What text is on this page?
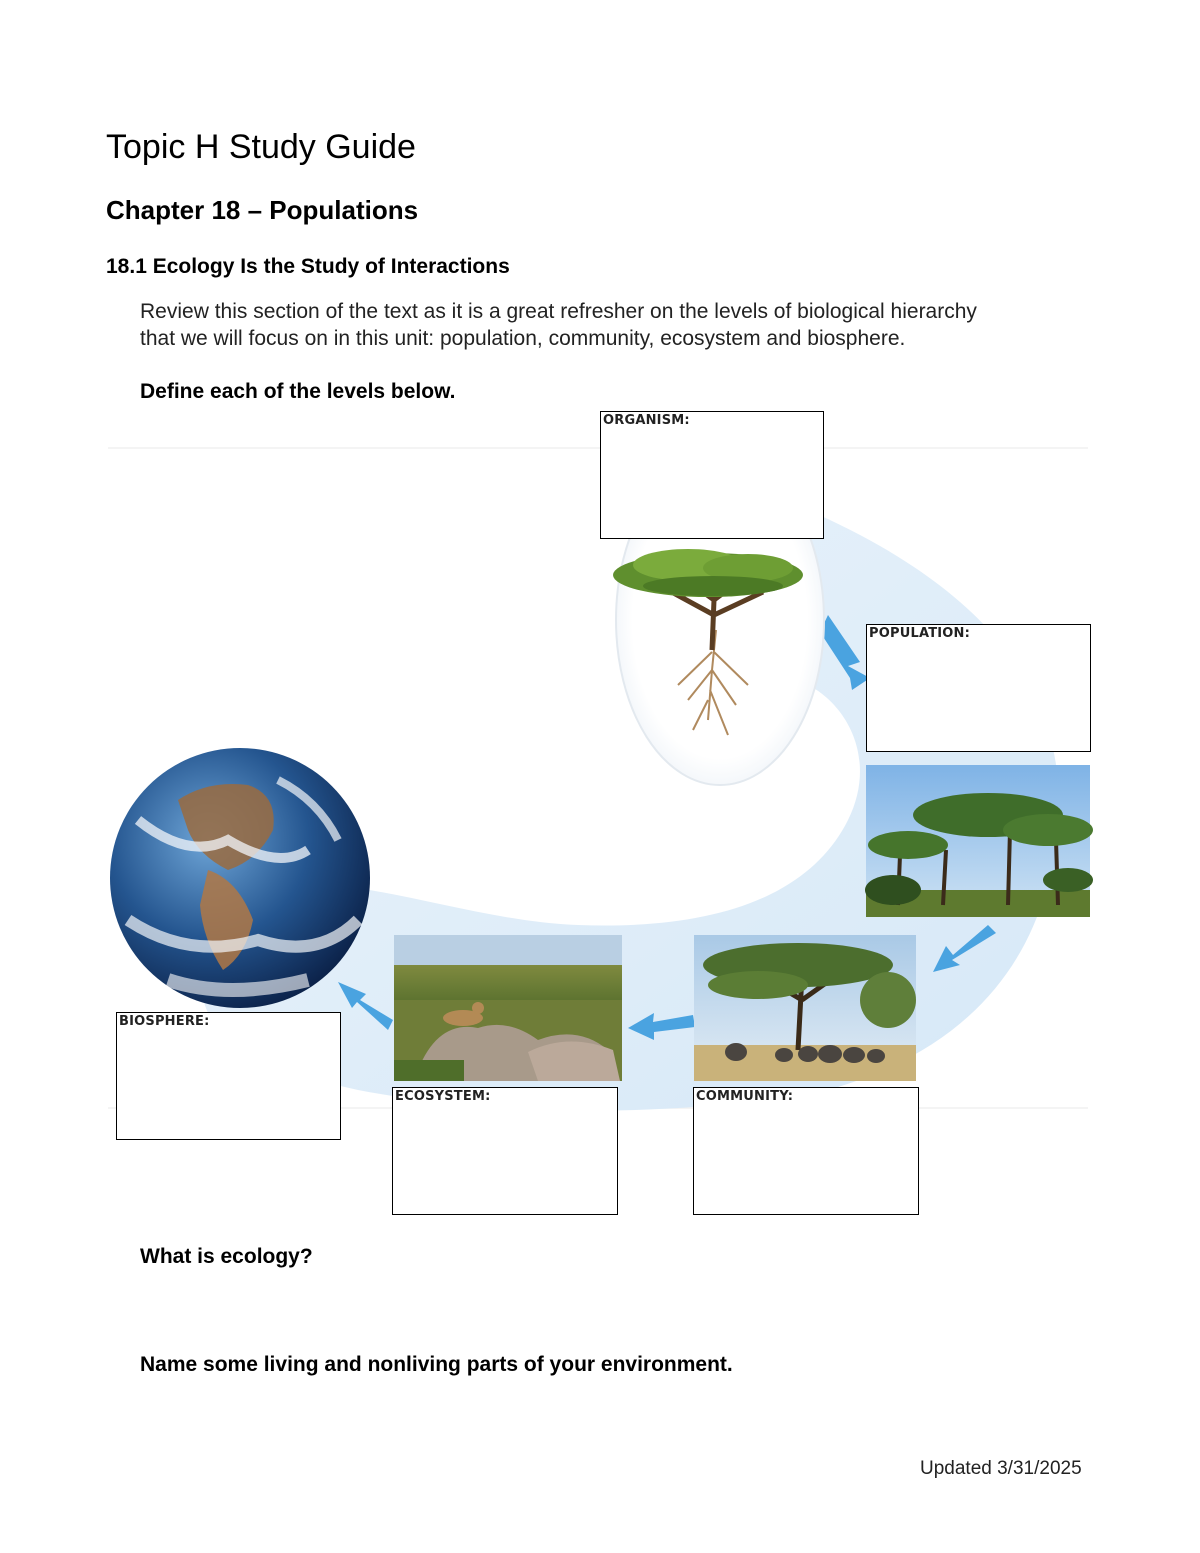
Topic H Study Guide
Chapter 18 – Populations
18.1 Ecology Is the Study of Interactions
Review this section of the text as it is a great refresher on the levels of biological hierarchy
that we will focus on in this unit: population, community, ecosystem and biosphere.
Define each of the levels below.
ORGANISM:
POPULATION:
COMMUNITY:
ECOSYSTEM:
BIOSPHERE:
What is ecology?
Name some living and nonliving parts of your environment.
Updated 3/31/2025
